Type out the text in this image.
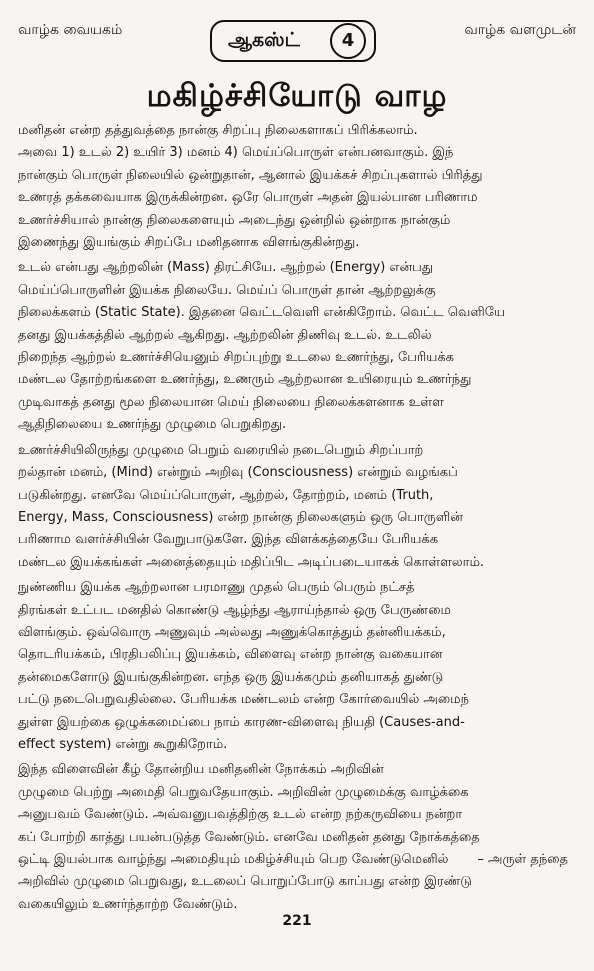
வாழ்க வையகம்	ஆகஸ்ட்	4	வாழ்க வளமுடன்
மகிழ்ச்சியோடு வாழ
மனிதன் என்ற தத்துவத்தை நான்கு சிறப்பு நிலைகளாகப் பிரிக்கலாம்.
அவை 1) உடல் 2) உயிர் 3) மனம் 4) மெய்ப்பொருள் என்பனவாகும். இந்
நான்கும் பொருள் நிலையில் ஒன்றுதான், ஆனால் இயக்கச் சிறப்புகளால் பிரித்து
உணரத் தக்கவையாக இருக்கின்றன. ஒரே பொருள் அதன் இயல்பான பரிணாம
உணர்ச்சியால் நான்கு நிலைகளையும் அடைந்து ஒன்றில் ஒன்றாக நான்கும்
இணைந்து இயங்கும் சிறப்பே மனிதனாக விளங்குகின்றது.
உடல் என்பது ஆற்றலின் (Mass) திரட்சியே. ஆற்றல் (Energy) என்பது
மெய்ப்பொருளின் இயக்க நிலையே. மெய்ப் பொருள் தான் ஆற்றலுக்கு
நிலைக்களம் (Static State). இதனை வெட்டவெளி என்கிறோம். வெட்ட வெளியே
தனது இயக்கத்தில் ஆற்றல் ஆகிறது. ஆற்றலின் திணிவு உடல். உடலில்
நிறைந்த ஆற்றல் உணர்ச்சியெனும் சிறப்புற்று உடலை உணர்ந்து, பேரியக்க
மண்டல தோற்றங்களை உணர்ந்து, உணரும் ஆற்றலான உயிரையும் உணர்ந்து
முடிவாகத் தனது மூல நிலையான மெய் நிலையை நிலைக்களனாக உள்ள
ஆதிநிலையை உணர்ந்து முழுமை பெறுகிறது.
உணர்ச்சியிலிருந்து முழுமை பெறும் வரையில் நடைபெறும் சிறப்பாற்
றல்தான் மனம், (Mind) என்றும் அறிவு (Consciousness) என்றும் வழங்கப்
படுகின்றது. எனவே மெய்ப்பொருள், ஆற்றல், தோற்றம், மனம் (Truth,
Energy, Mass, Consciousness) என்ற நான்கு நிலைகளும் ஒரு பொருளின்
பரிணாம வளர்ச்சியின் வேறுபாடுகளே. இந்த விளக்கத்தையே பேரியக்க
மண்டல இயக்கங்கள் அனைத்தையும் மதிப்பிட அடிப்படையாகக் கொள்ளலாம்.
நுண்ணிய இயக்க ஆற்றலான பரமாணு முதல் பெரும் பெரும் நட்சத்
திரங்கள் உட்பட மனதில் கொண்டு ஆழ்ந்து ஆராய்ந்தால் ஒரு பேருண்மை
விளங்கும். ஒவ்வொரு அணுவும் அல்லது அணுக்கொத்தும் தன்னியக்கம்,
தொடரியக்கம், பிரதிபலிப்பு இயக்கம், விளைவு என்ற நான்கு வகையான
தன்மைகளோடு இயங்குகின்றன. எந்த ஒரு இயக்கமும் தனியாகத் துண்டு
பட்டு நடைபெறுவதில்லை. பேரியக்க மண்டலம் என்ற கோர்வையில் அமைந்
துள்ள இயற்கை ஒழுக்கமைப்பை நாம் காரண-விளைவு நியதி (Causes-and-
effect system) என்று கூறுகிறோம்.
இந்த விளைவின் கீழ் தோன்றிய மனிதனின் நோக்கம் அறிவின்
முழுமை பெற்று அமைதி பெறுவதேயாகும். அறிவின் முழுமைக்கு வாழ்க்கை
அனுபவம் வேண்டும். அவ்வனுபவத்திற்கு உடல் என்ற நற்கருவியை நன்றா
கப் போற்றி காத்து பயன்படுத்த வேண்டும். எனவே மனிதன் தனது நோக்கத்தை
ஒட்டி இயல்பாக வாழ்ந்து அமைதியும் மகிழ்ச்சியும் பெற வேண்டுமெனில்
அறிவில் முழுமை பெறுவது, உடலைப் பொறுப்போடு காப்பது என்ற இரண்டு
வகையிலும் உணர்ந்தாற்ற வேண்டும்.
– அருள் தந்தை
221
